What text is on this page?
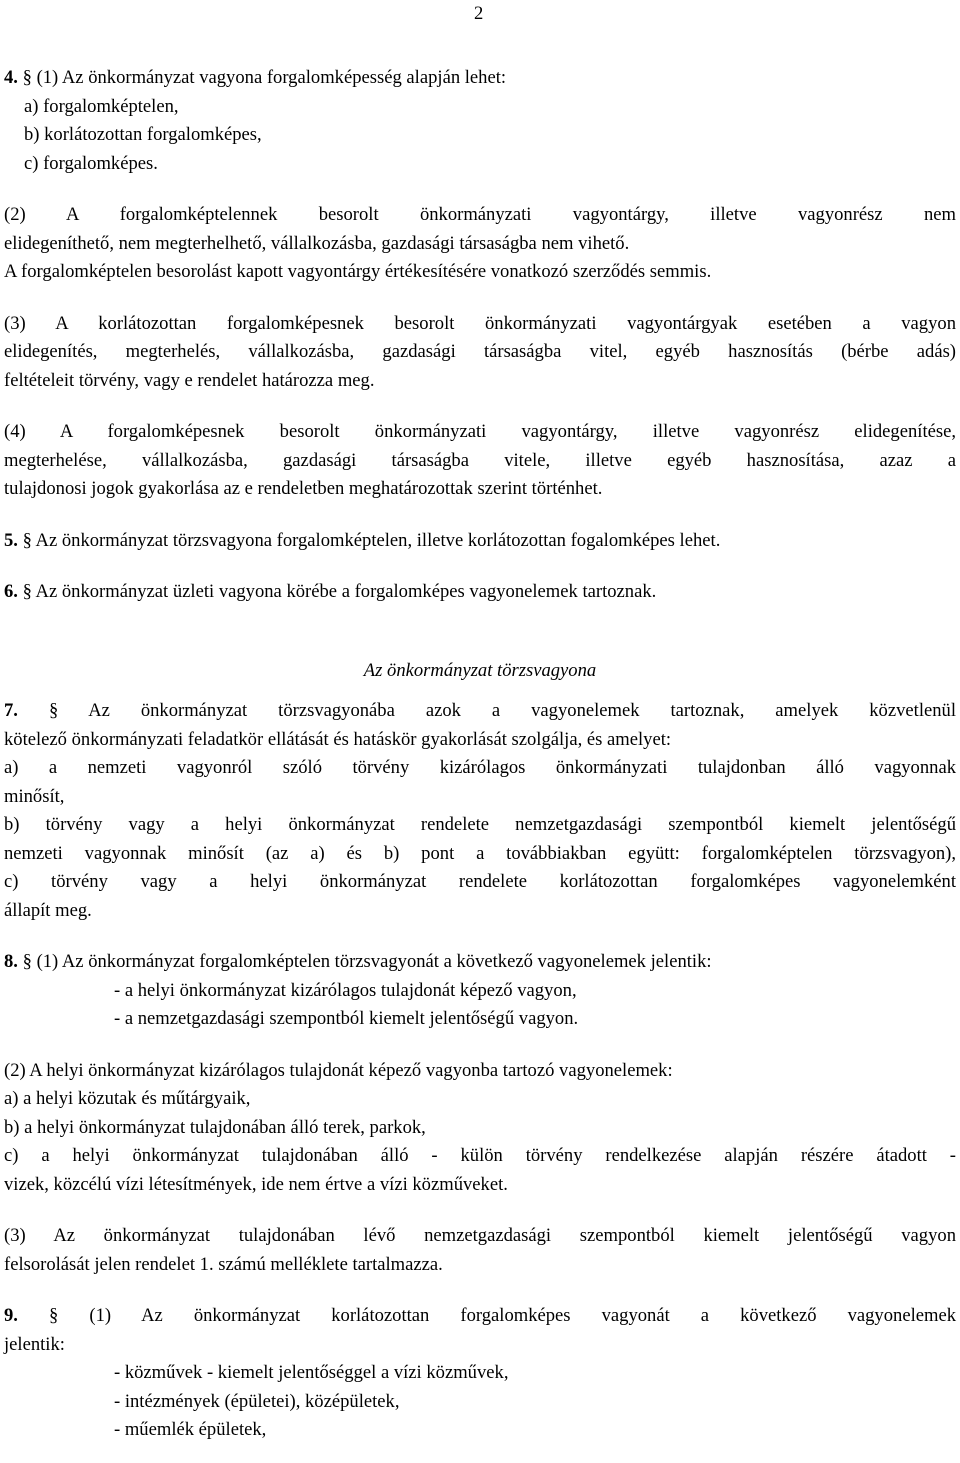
2
4. § (1) Az önkormányzat vagyona forgalomképesség alapján lehet:
a) forgalomképtelen,
b) korlátozottan forgalomképes,
c) forgalomképes.
(2) A forgalomképtelennek besorolt önkormányzati vagyontárgy, illetve vagyonrész nem
elidegeníthető, nem megterhelhető, vállalkozásba, gazdasági társaságba nem vihető.
A forgalomképtelen besorolást kapott vagyontárgy értékesítésére vonatkozó szerződés semmis.
(3) A korlátozottan forgalomképesnek besorolt önkormányzati vagyontárgyak esetében a vagyon
elidegenítés, megterhelés, vállalkozásba, gazdasági társaságba vitel, egyéb hasznosítás (bérbe adás)
feltételeit törvény, vagy e rendelet határozza meg.
(4) A forgalomképesnek besorolt önkormányzati vagyontárgy, illetve vagyonrész elidegenítése,
megterhelése, vállalkozásba, gazdasági társaságba vitele, illetve egyéb hasznosítása, azaz a
tulajdonosi jogok gyakorlása az e rendeletben meghatározottak szerint történhet.
5. § Az önkormányzat törzsvagyona forgalomképtelen, illetve korlátozottan fogalomképes lehet.
6. § Az önkormányzat üzleti vagyona körébe a forgalomképes vagyonelemek tartoznak.

Az önkormányzat törzsvagyona

7. § Az önkormányzat törzsvagyonába azok a vagyonelemek tartoznak, amelyek közvetlenül
kötelező önkormányzati feladatkör ellátását és hatáskör gyakorlását szolgálja, és amelyet:
a) a nemzeti vagyonról szóló törvény kizárólagos önkormányzati tulajdonban álló vagyonnak
minősít,
b) törvény vagy a helyi önkormányzat rendelete nemzetgazdasági szempontból kiemelt jelentőségű
nemzeti vagyonnak minősít (az a) és b) pont a továbbiakban együtt: forgalomképtelen törzsvagyon),
c) törvény vagy a helyi önkormányzat rendelete korlátozottan forgalomképes vagyonelemként
állapít meg.
8. § (1) Az önkormányzat forgalomképtelen törzsvagyonát a következő vagyonelemek jelentik:
- a helyi önkormányzat kizárólagos tulajdonát képező vagyon,
- a nemzetgazdasági szempontból kiemelt jelentőségű vagyon.
(2) A helyi önkormányzat kizárólagos tulajdonát képező vagyonba tartozó vagyonelemek:
a) a helyi közutak és műtárgyaik,
b) a helyi önkormányzat tulajdonában álló terek, parkok,
c) a helyi önkormányzat tulajdonában álló - külön törvény rendelkezése alapján részére átadott -
vizek, közcélú vízi létesítmények, ide nem értve a vízi közműveket.
(3) Az önkormányzat tulajdonában lévő nemzetgazdasági szempontból kiemelt jelentőségű vagyon
felsorolását jelen rendelet 1. számú melléklete tartalmazza.
9. § (1) Az önkormányzat korlátozottan forgalomképes vagyonát a következő vagyonelemek
jelentik:
- közművek - kiemelt jelentőséggel a vízi közművek,
- intézmények (épületei), középületek,
- műemlék épületek,
